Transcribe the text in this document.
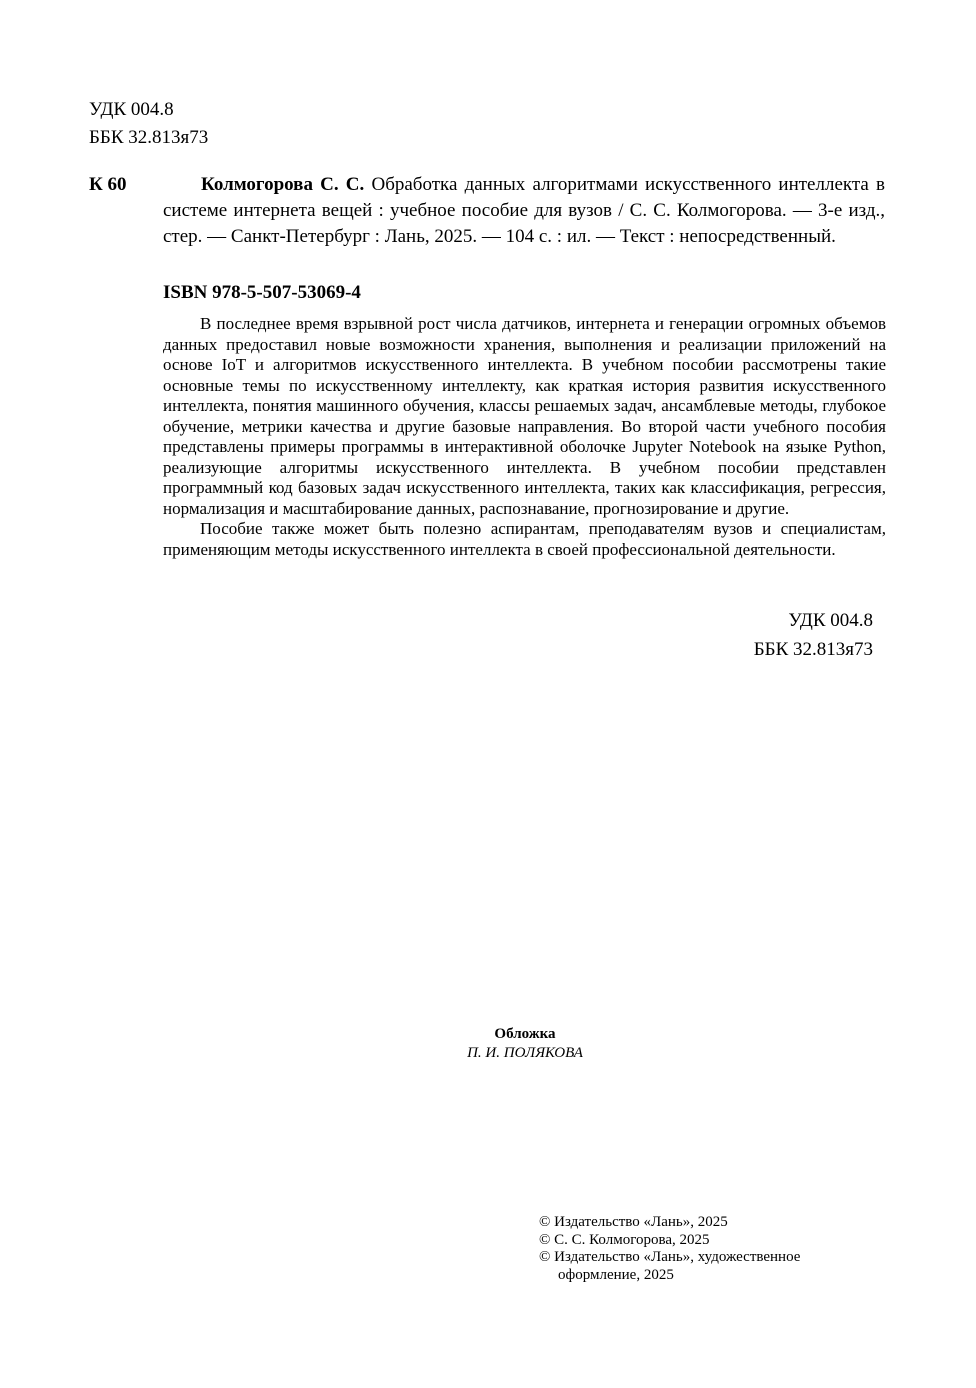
УДК 004.8
ББК 32.813я73
К 60	Колмогорова С. С. Обработка данных алгоритмами искусственного интеллекта в системе интернета вещей : учебное пособие для вузов / С. С. Колмогорова. — 3-е изд., стер. — Санкт-Петербург : Лань, 2025. — 104 с. : ил. — Текст : непосредственный.
ISBN 978-5-507-53069-4

В последнее время взрывной рост числа датчиков, интернета и генерации огромных объемов данных предоставил новые возможности хранения, выполнения и реализации приложений на основе IoT и алгоритмов искусственного интеллекта. В учебном пособии рассмотрены такие основные темы по искусственному интеллекту, как краткая история развития искусственного интеллекта, понятия машинного обучения, классы решаемых задач, ансамблевые методы, глубокое обучение, метрики качества и другие базовые направления. Во второй части учебного пособия представлены примеры программы в интерактивной оболочке Jupyter Notebook на языке Python, реализующие алгоритмы искусственного интеллекта. В учебном пособии представлен программный код базовых задач искусственного интеллекта, таких как классификация, регрессия, нормализация и масштабирование данных, распознавание, прогнозирование и другие.

Пособие также может быть полезно аспирантам, преподавателям вузов и специалистам, применяющим методы искусственного интеллекта в своей профессиональной деятельности.

УДК 004.8
ББК 32.813я73
Обложка
П. И. ПОЛЯКОВА
© Издательство «Лань», 2025
© С. С. Колмогорова, 2025
© Издательство «Лань», художественное
оформление, 2025
